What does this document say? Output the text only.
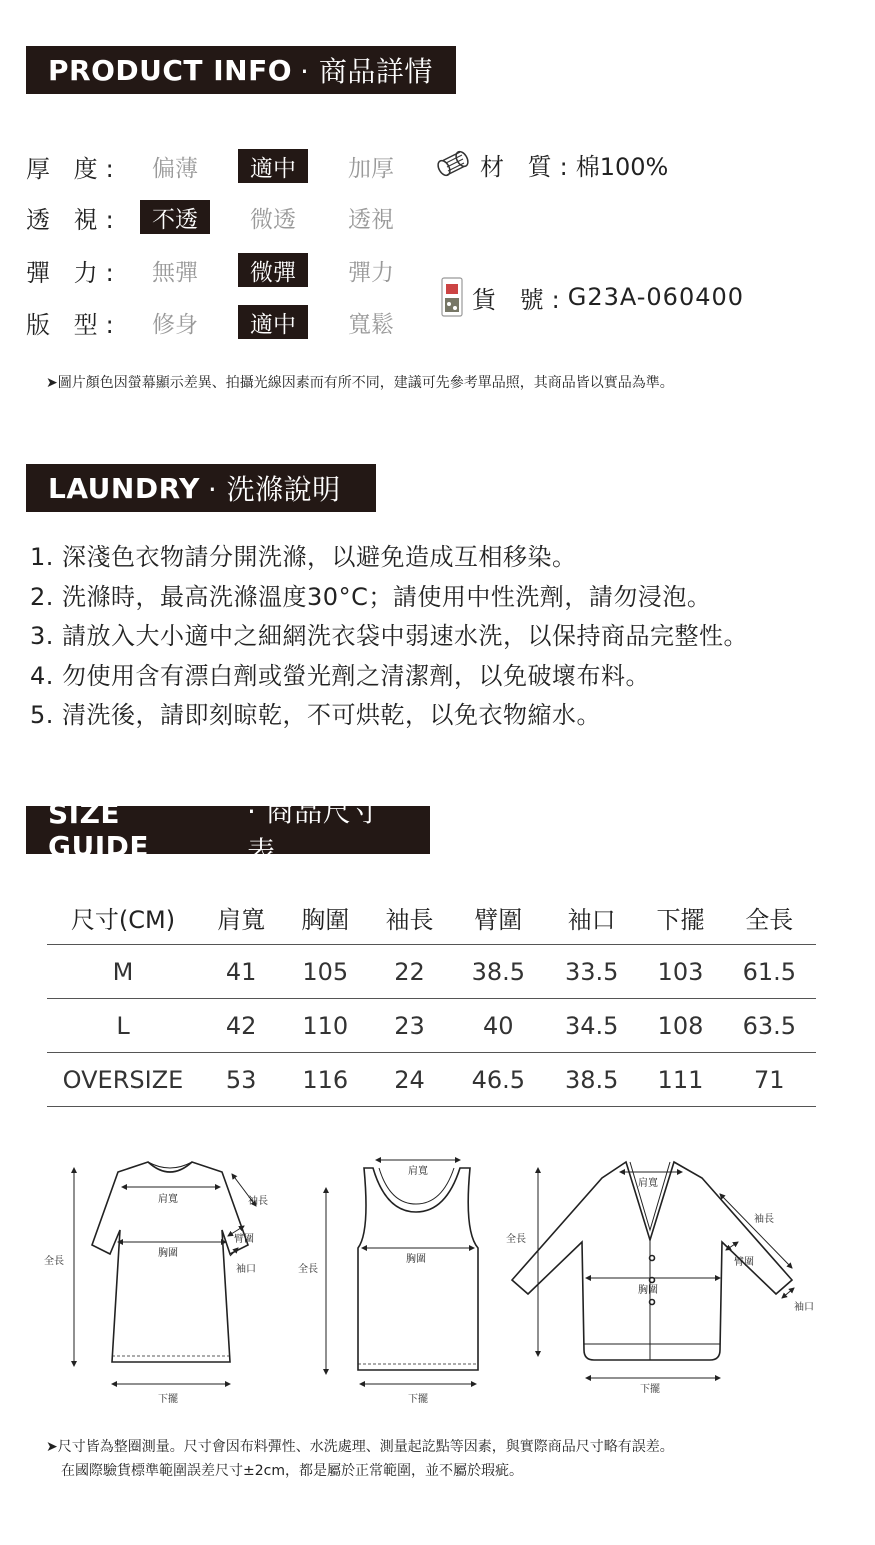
PRODUCT INFO · 商品詳情
厚 度:	偏薄	適中	加厚
透 視:	不透	微透	透視
彈 力:	無彈	微彈	彈力
版 型:	修身	適中	寬鬆
材 質: 棉100%
貨 號: G23A-060400
➤圖片顏色因螢幕顯示差異、拍攝光線因素而有所不同，建議可先參考單品照，其商品皆以實品為準。
LAUNDRY · 洗滌說明
1. 深淺色衣物請分開洗滌，以避免造成互相移染。
2. 洗滌時，最高洗滌溫度30°C；請使用中性洗劑，請勿浸泡。
3. 請放入大小適中之細網洗衣袋中弱速水洗，以保持商品完整性。
4. 勿使用含有漂白劑或螢光劑之清潔劑，以免破壞布料。
5. 清洗後，請即刻晾乾，不可烘乾，以免衣物縮水。
SIZE GUIDE
· 商品尺寸表
尺寸(CM)	肩寬	胸圍	袖長	臂圍	袖口	下擺	全長
M	41	105	22	38.5	33.5	103	61.5
L	42	110	23	40	34.5	108	63.5
OVERSIZE	53	116	24	46.5	38.5	111	71
肩寬
胸圍
全長
下擺
袖長
臂圍
袖口
肩寬
胸圍
全長
下擺
肩寬
胸圍
全長
下擺
袖長
臂圍
袖口
➤尺寸皆為整圈測量。尺寸會因布料彈性、水洗處理、測量起訖點等因素，與實際商品尺寸略有誤差。
在國際驗貨標準範圍誤差尺寸±2cm，都是屬於正常範圍，並不屬於瑕疵。
